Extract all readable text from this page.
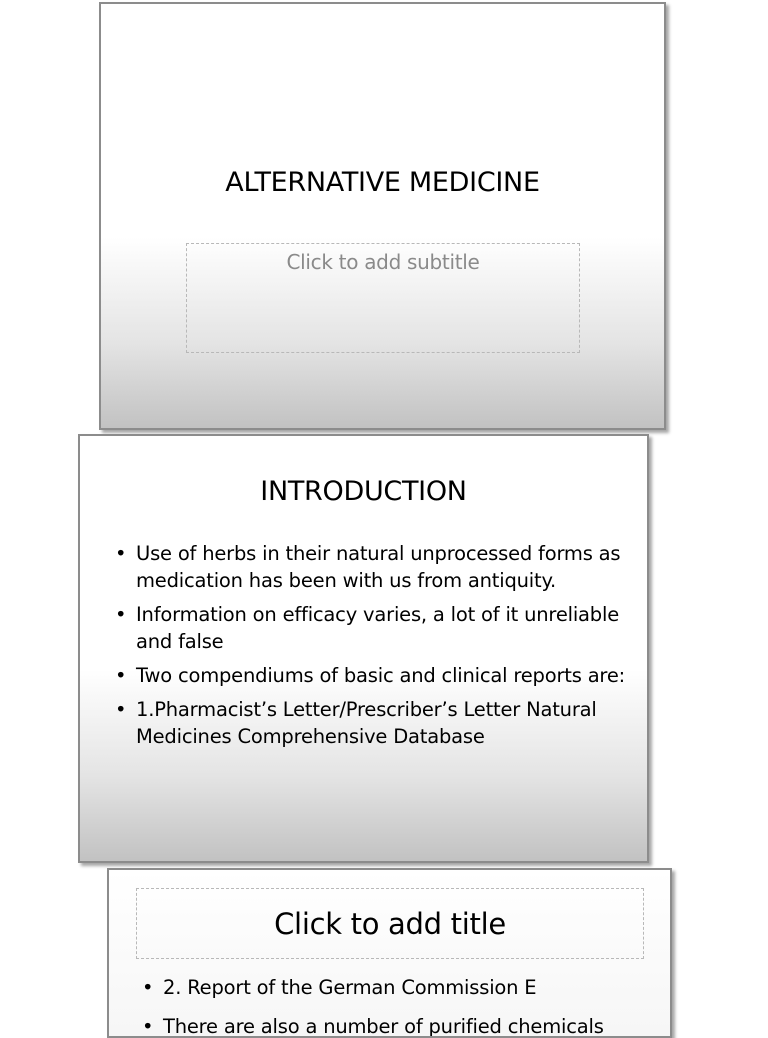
ALTERNATIVE MEDICINE
Click to add subtitle
INTRODUCTION
• Use of herbs in their natural unprocessed forms as medication has been with us from antiquity.
• Information on efficacy varies, a lot of it unreliable and false
• Two compendiums of basic and clinical reports are:
• 1.Pharmacist’s Letter/Prescriber’s Letter Natural Medicines Comprehensive Database
Click to add title
• 2. Report of the German Commission E
• There are also a number of purified chemicals
